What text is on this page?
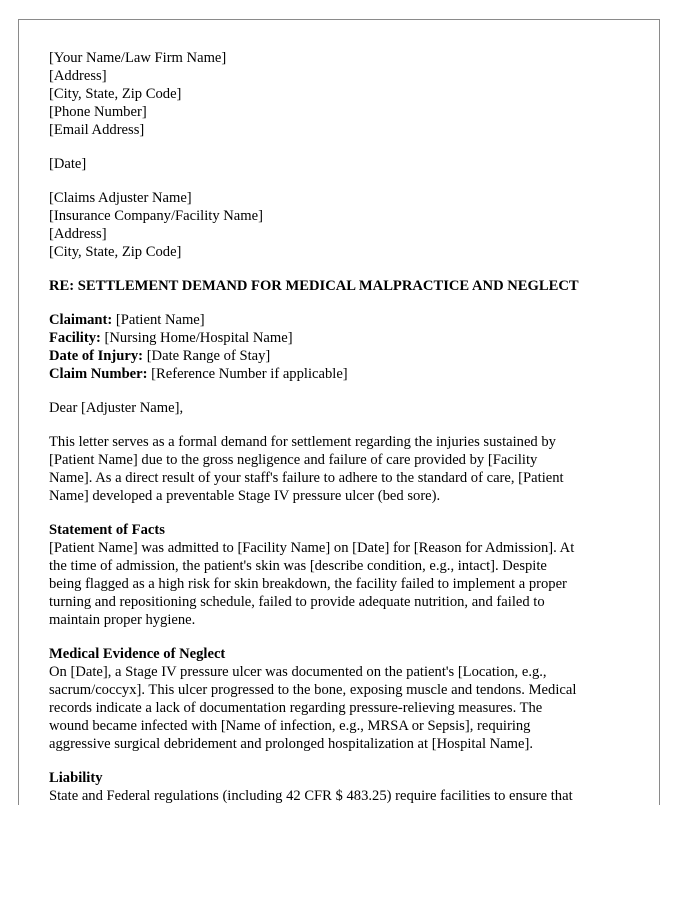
[Your Name/Law Firm Name]
[Address]
[City, State, Zip Code]
[Phone Number]
[Email Address]
[Date]
[Claims Adjuster Name]
[Insurance Company/Facility Name]
[Address]
[City, State, Zip Code]
RE: SETTLEMENT DEMAND FOR MEDICAL MALPRACTICE AND NEGLECT
Claimant: [Patient Name]
Facility: [Nursing Home/Hospital Name]
Date of Injury: [Date Range of Stay]
Claim Number: [Reference Number if applicable]
Dear [Adjuster Name],
This letter serves as a formal demand for settlement regarding the injuries sustained by
[Patient Name] due to the gross negligence and failure of care provided by [Facility
Name]. As a direct result of your staff's failure to adhere to the standard of care, [Patient
Name] developed a preventable Stage IV pressure ulcer (bed sore).
Statement of Facts
[Patient Name] was admitted to [Facility Name] on [Date] for [Reason for Admission]. At
the time of admission, the patient's skin was [describe condition, e.g., intact]. Despite
being flagged as a high risk for skin breakdown, the facility failed to implement a proper
turning and repositioning schedule, failed to provide adequate nutrition, and failed to
maintain proper hygiene.
Medical Evidence of Neglect
On [Date], a Stage IV pressure ulcer was documented on the patient's [Location, e.g.,
sacrum/coccyx]. This ulcer progressed to the bone, exposing muscle and tendons. Medical
records indicate a lack of documentation regarding pressure-relieving measures. The
wound became infected with [Name of infection, e.g., MRSA or Sepsis], requiring
aggressive surgical debridement and prolonged hospitalization at [Hospital Name].
Liability
State and Federal regulations (including 42 CFR $ 483.25) require facilities to ensure that
